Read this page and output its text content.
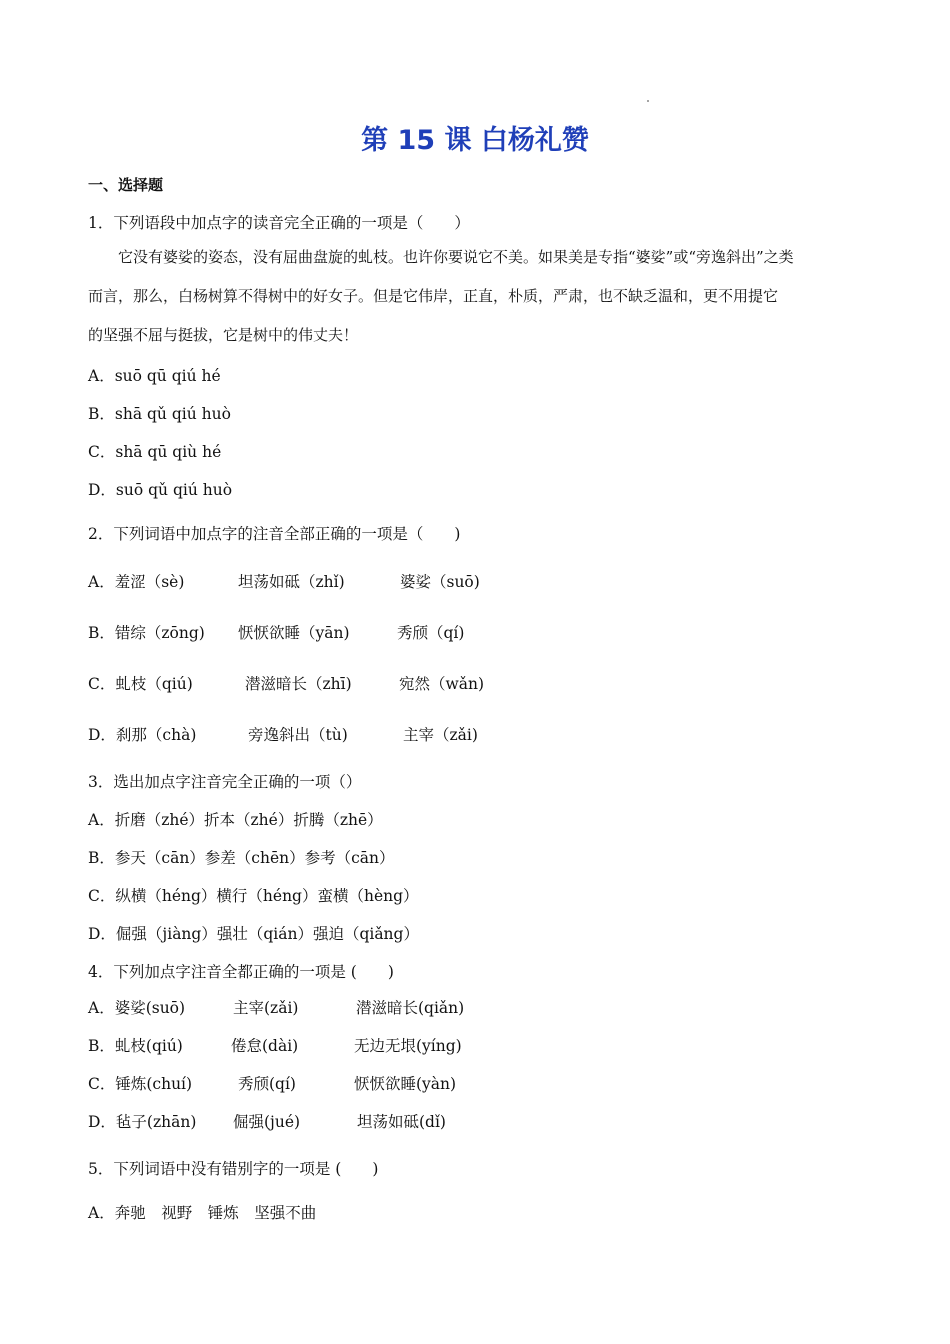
第 15 课 白杨礼赞
一、选择题
1．下列语段中加点字的读音完全正确的一项是（　　）
它没有婆娑的姿态，没有屈曲盘旋的虬枝。也许你要说它不美。如果美是专指“婆娑”或“旁逸斜出”之类
而言，那么，白杨树算不得树中的好女子。但是它伟岸，正直，朴质，严肃，也不缺乏温和，更不用提它
的坚强不屈与挺拔，它是树中的伟丈夫！
A．suō qū qiú hé
B．shā qǔ qiú huò
C．shā qū qiù hé
D．suō qǔ qiú huò
2．下列词语中加点字的注音全部正确的一项是（　　)
A．羞涩（sè)	坦荡如砥（zhǐ)	婆娑（suō)
B．错综（zōng) 恹恹欲睡（yān)	秀颀（qí)
C．虬枝（qiú)	潜滋暗长（zhī)	宛然（wǎn)
D．刹那（chà)	旁逸斜出（tù)	主宰（zǎi)
3．选出加点字注音完全正确的一项（）
A．折磨（zhé）折本（zhé）折腾（zhē）
B．参天（cān）参差（chēn）参考（cān）
C．纵横（héng）横行（héng）蛮横（hèng）
D．倔强（jiàng）强壮（qián）强迫（qiǎng）
4．下列加点字注音全都正确的一项是 (　　)
A．婆娑(suō)	主宰(zǎi)	潜滋暗长(qiǎn)
B．虬枝(qiú)	倦怠(dài)	无边无垠(yíng)
C．锤炼(chuí)	秀颀(qí)	恹恹欲睡(yàn)
D．毡子(zhān) 倔强(jué)	坦荡如砥(dǐ)
5．下列词语中没有错别字的一项是 (　　)
A．奔驰　视野　锤炼　坚强不曲
